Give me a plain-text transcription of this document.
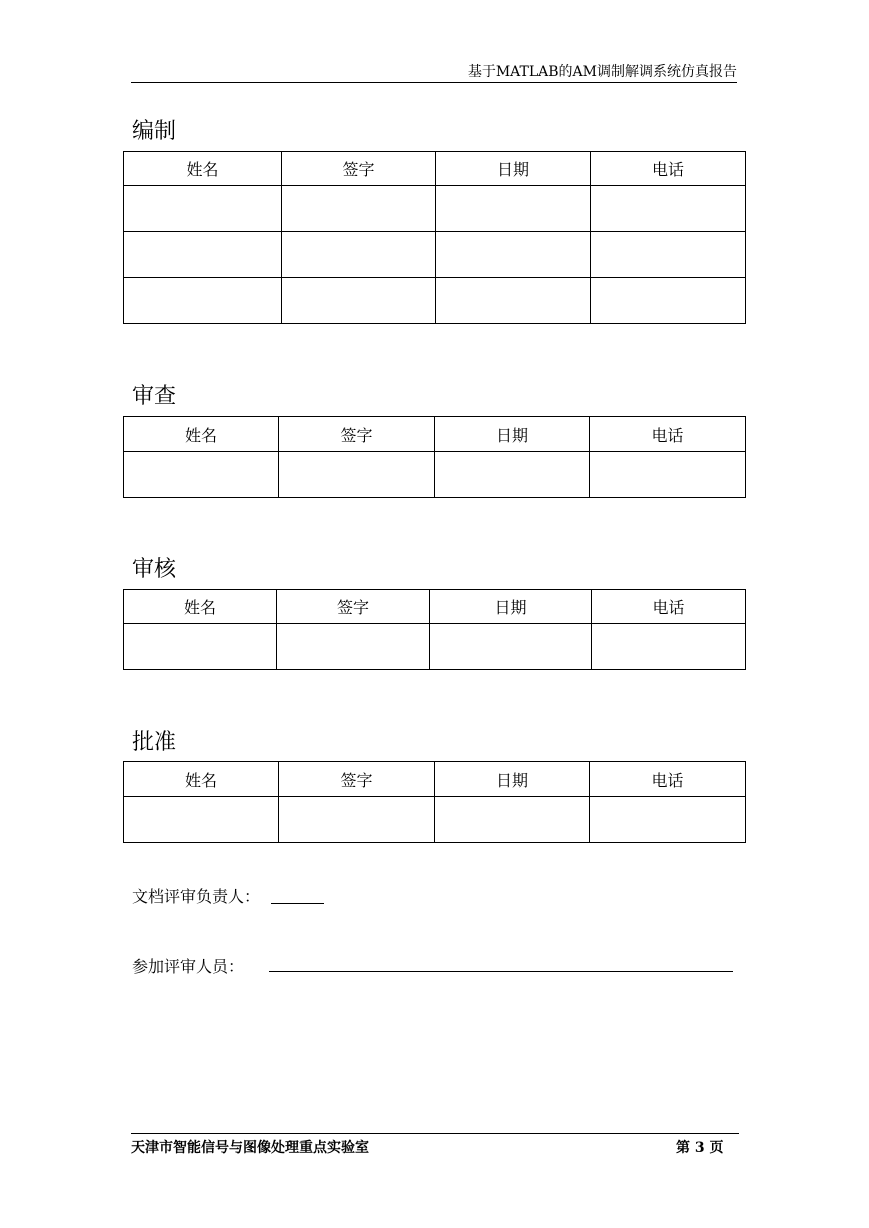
基于MATLAB的AM调制解调系统仿真报告
编制
姓名	签字	日期	电话

审查
姓名	签字	日期	电话

审核
姓名	签字	日期	电话

批准
姓名	签字	日期	电话

文档评审负责人：
参加评审人员：
天津市智能信号与图像处理重点实验室	第 3 页
